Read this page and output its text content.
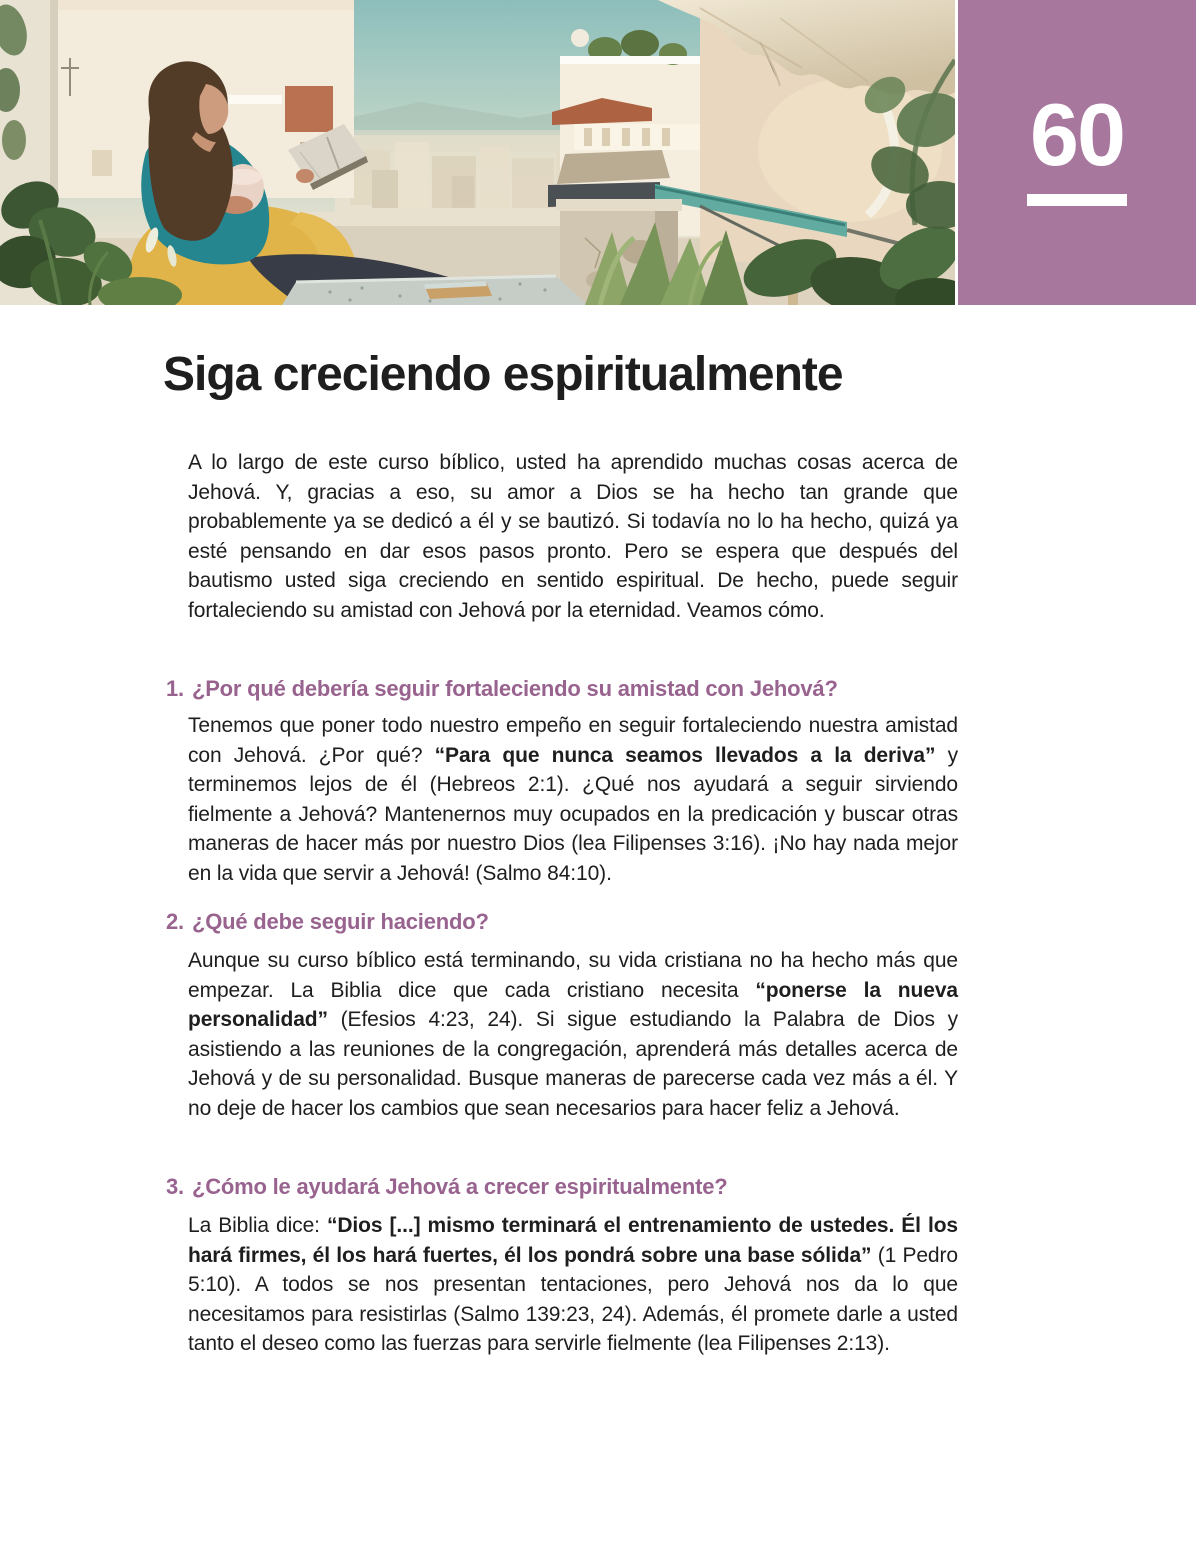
60
Siga creciendo espiritualmente

A lo largo de este curso bíblico, usted ha aprendido muchas cosas acerca de Jehová. Y, gracias a eso, su amor a Dios se ha hecho tan grande que probablemente ya se dedicó a él y se bautizó. Si todavía no lo ha hecho, quizá ya esté pensando en dar esos pasos pronto. Pero se espera que después del bautismo usted siga creciendo en sentido espiritual. De hecho, puede seguir fortaleciendo su amistad con Jehová por la eternidad. Veamos cómo.

1. ¿Por qué debería seguir fortaleciendo su amistad con Jehová?

Tenemos que poner todo nuestro empeño en seguir fortaleciendo nuestra amistad con Jehová. ¿Por qué? “Para que nunca seamos llevados a la deriva” y terminemos lejos de él (Hebreos 2:1). ¿Qué nos ayudará a seguir sirviendo fielmente a Jehová? Mantenernos muy ocupados en la predicación y buscar otras maneras de hacer más por nuestro Dios (lea Filipenses 3:16). ¡No hay nada mejor en la vida que servir a Jehová! (Salmo 84:10).

2. ¿Qué debe seguir haciendo?

Aunque su curso bíblico está terminando, su vida cristiana no ha hecho más que empezar. La Biblia dice que cada cristiano necesita “ponerse la nueva personalidad” (Efesios 4:23, 24). Si sigue estudiando la Palabra de Dios y asistiendo a las reuniones de la congregación, aprenderá más detalles acerca de Jehová y de su personalidad. Busque maneras de parecerse cada vez más a él. Y no deje de hacer los cambios que sean necesarios para hacer feliz a Jehová.

3. ¿Cómo le ayudará Jehová a crecer espiritualmente?

La Biblia dice: “Dios [...] mismo terminará el entrenamiento de ustedes. Él los hará firmes, él los hará fuertes, él los pondrá sobre una base sólida” (1 Pedro 5:10). A todos se nos presentan tentaciones, pero Jehová nos da lo que necesitamos para resistirlas (Salmo 139:23, 24). Además, él promete darle a usted tanto el deseo como las fuerzas para servirle fielmente (lea Filipenses 2:13).
